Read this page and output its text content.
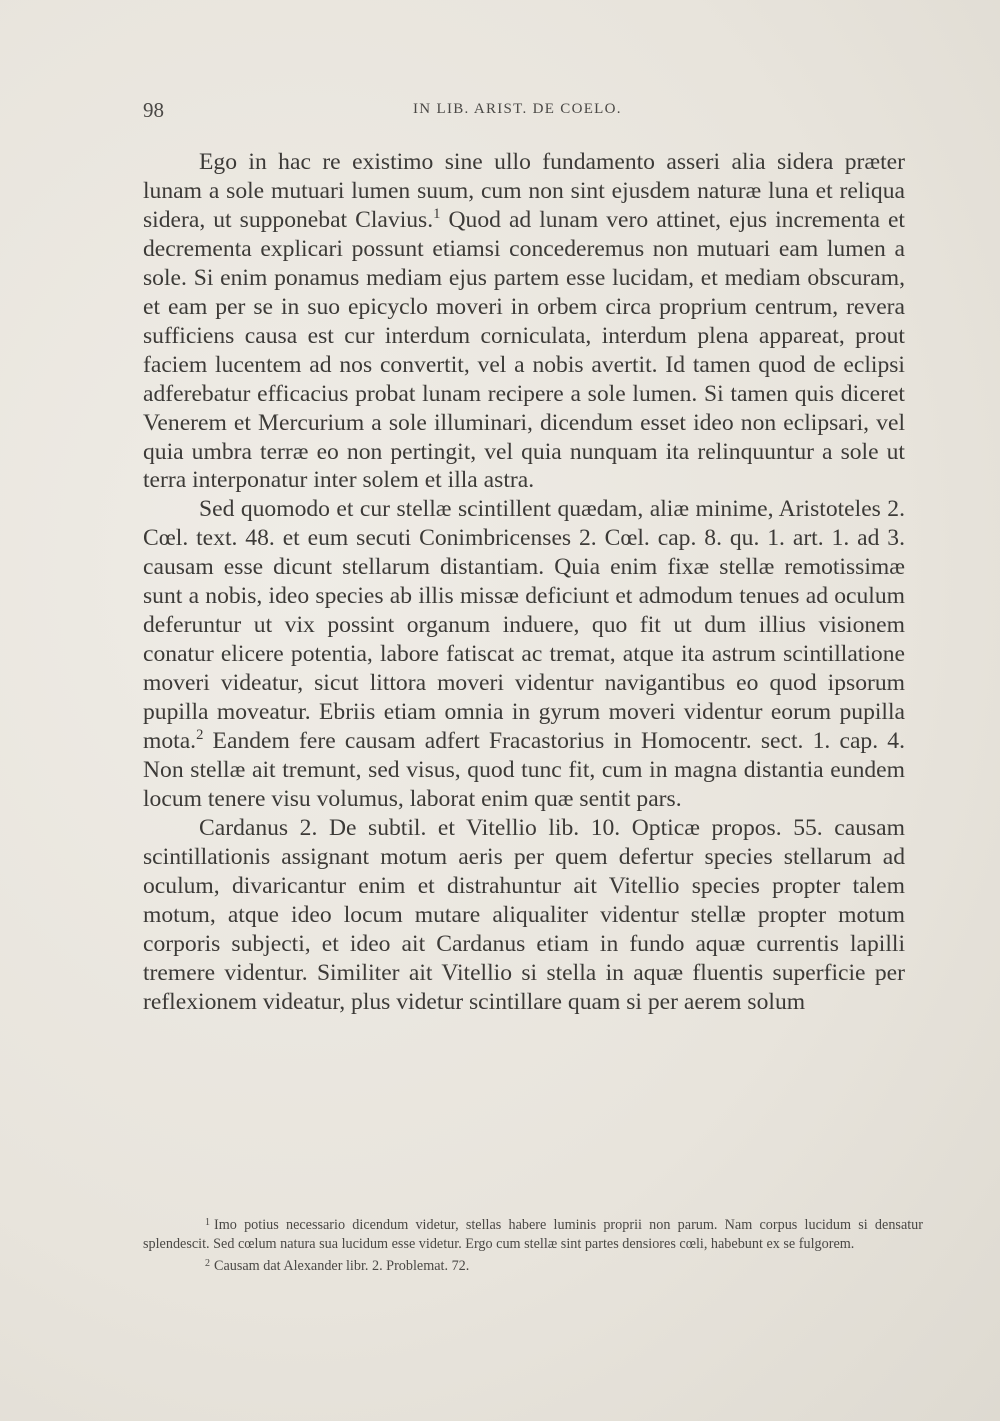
98	IN LIB. ARIST. DE COELO.

Ego in hac re existimo sine ullo fundamento asseri alia sidera prӕter lunam a sole mutuari lumen suum, cum non sint ejusdem naturӕ luna et reliqua sidera, ut supponebat Clavius.$^1$ Quod ad lunam vero attinet, ejus incrementa et decrementa explicari possunt etiamsi concederemus non mutuari eam lumen a sole. Si enim ponamus mediam ejus partem esse lucidam, et mediam obscuram, et eam per se in suo epicyclo moveri in orbem circa proprium centrum, revera sufficiens causa est cur interdum corniculata, interdum plena appareat, prout faciem lucentem ad nos convertit, vel a nobis avertit. Id tamen quod de eclipsi adferebatur efficacius probat lunam recipere a sole lumen. Si tamen quis diceret Venerem et Mercurium a sole illuminari, dicendum esset ideo non eclipsari, vel quia umbra terrӕ eo non pertingit, vel quia nunquam ita relinquuntur a sole ut terra interponatur inter solem et illa astra.

Sed quomodo et cur stellӕ scintillent quӕdam, aliӕ minime, Aristoteles 2. Cœl. text. 48. et eum secuti Conimbricenses 2. Cœl. cap. 8. qu. 1. art. 1. ad 3. causam esse dicunt stellarum distantiam. Quia enim fixӕ stellӕ remotissimӕ sunt a nobis, ideo species ab illis missӕ deficiunt et admodum tenues ad oculum deferuntur ut vix possint organum induere, quo fit ut dum illius visionem conatur elicere potentia, labore fatiscat ac tremat, atque ita astrum scintillatione moveri videatur, sicut littora moveri videntur navigantibus eo quod ipsorum pupilla moveatur. Ebriis etiam omnia in gyrum moveri videntur eorum pupilla mota.$^2$ Eandem fere causam adfert Fracastorius in Homocentr. sect. 1. cap. 4. Non stellӕ ait tremunt, sed visus, quod tunc fit, cum in magna distantia eundem locum tenere visu volumus, laborat enim quӕ sentit pars.

Cardanus 2. De subtil. et Vitellio lib. 10. Opticӕ propos. 55. causam scintillationis assignant motum aeris per quem defertur species stellarum ad oculum, divaricantur enim et distrahuntur ait Vitellio species propter talem motum, atque ideo locum mutare aliqualiter videntur stellӕ propter motum corporis subjecti, et ideo ait Cardanus etiam in fundo aquӕ currentis lapilli tremere videntur. Similiter ait Vitellio si stella in aquӕ fluentis superficie per reflexionem videatur, plus videtur scintillare quam si per aerem solum

$^1$ Imo potius necessario dicendum videtur, stellas habere luminis proprii non parum. Nam corpus lucidum si densatur splendescit. Sed cœlum natura sua lucidum esse videtur. Ergo cum stellӕ sint partes densiores cœli, habebunt ex se fulgorem.

$^2$ Causam dat Alexander libr. 2. Problemat. 72.
